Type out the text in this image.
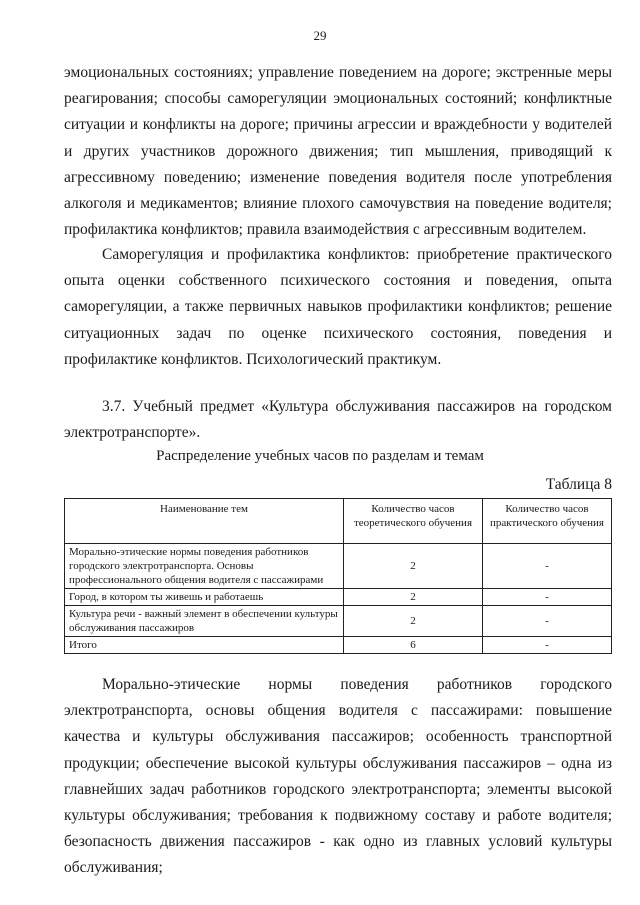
29

эмоциональных состояниях; управление поведением на дороге; экстренные меры реагирования; способы саморегуляции эмоциональных состояний; конфликтные ситуации и конфликты на дороге; причины агрессии и враждебности у водителей и других участников дорожного движения; тип мышления, приводящий к агрессивному поведению; изменение поведения водителя после употребления алкоголя и медикаментов; влияние плохого самочувствия на поведение водителя; профилактика конфликтов; правила взаимодействия с агрессивным водителем.

Саморегуляция и профилактика конфликтов: приобретение практического опыта оценки собственного психического состояния и поведения, опыта саморегуляции, а также первичных навыков профилактики конфликтов; решение ситуационных задач по оценке психического состояния, поведения и профилактике конфликтов. Психологический практикум.

3.7. Учебный предмет «Культура обслуживания пассажиров на городском электротранспорте».

Распределение учебных часов по разделам и темам
Таблица 8
Наименование тем	Количество часов теоретического обучения	Количество часов практического обучения
Морально-этические нормы поведения работников городского электротранспорта. Основы профессионального общения водителя с пассажирами	2	-
Город, в котором ты живешь и работаешь	2	-
Культура речи - важный элемент в обеспечении культуры обслуживания пассажиров	2	-
Итого	6	-

Морально-этические нормы поведения работников городского электротранспорта, основы общения водителя с пассажирами: повышение качества и культуры обслуживания пассажиров; особенность транспортной продукции; обеспечение высокой культуры обслуживания пассажиров – одна из главнейших задач работников городского электротранспорта; элементы высокой культуры обслуживания; требования к подвижному составу и работе водителя; безопасность движения пассажиров - как одно из главных условий культуры обслуживания;
